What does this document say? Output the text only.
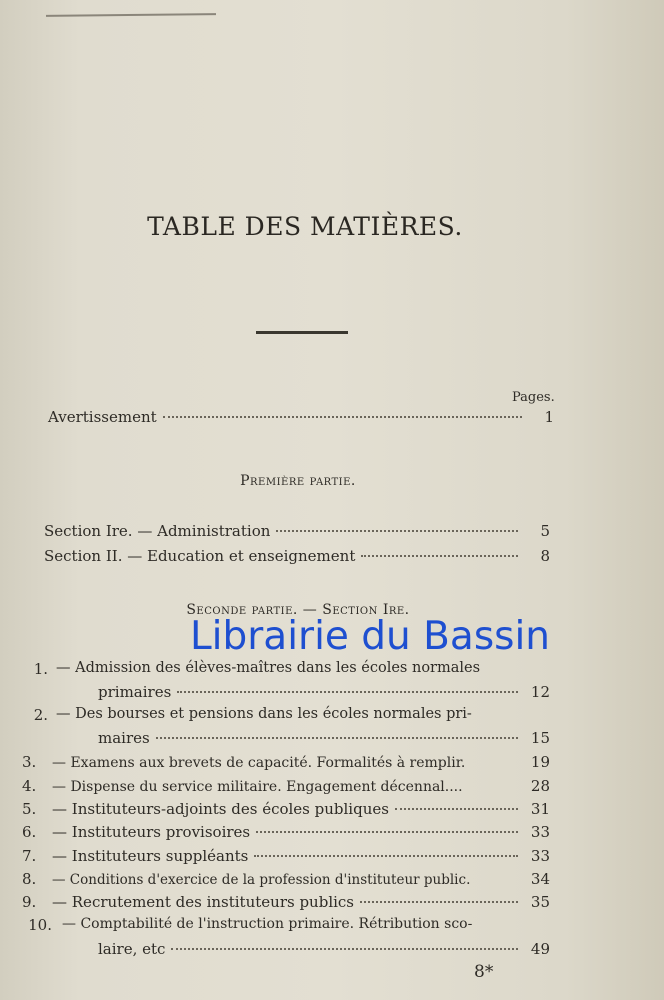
TABLE DES MATIÈRES.
Pages.
Avertissement	1
Première partie.
Section Ire. — Administration	5
Section II. — Education et enseignement	8
Seconde partie. — Section Ire.
1. — Admission des élèves-maîtres dans les écoles normales
primaires	12
2. — Des bourses et pensions dans les écoles normales pri-
maires	15
3.	— Examens aux brevets de capacité. Formalités à remplir.	19
4.	— Dispense du service militaire. Engagement décennal....	28
5.	— Instituteurs-adjoints des écoles publiques	31
6.	— Instituteurs provisoires	33
7.	— Instituteurs suppléants	33
8.	— Conditions d'exercice de la profession d'instituteur public.	34
9.	— Recrutement des instituteurs publics	35
10. — Comptabilité de l'instruction primaire. Rétribution sco-
laire, etc	49
8*
Librairie du Bassin
